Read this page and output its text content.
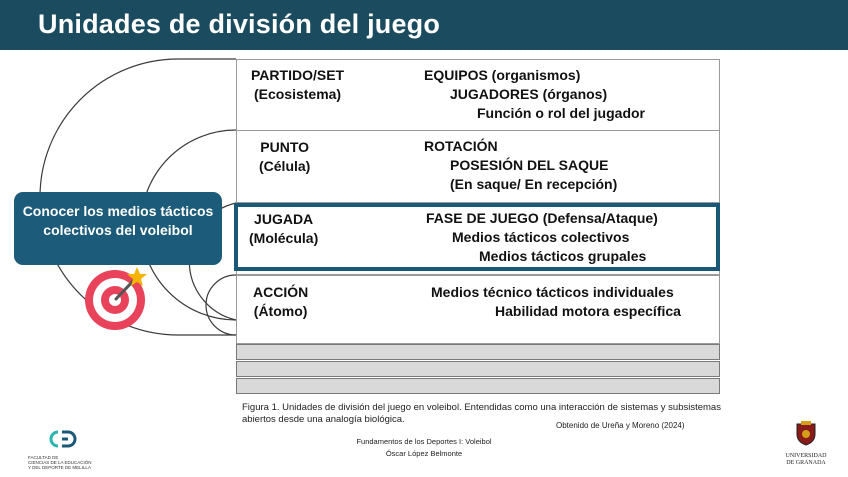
Unidades de división del juego
PARTIDO/SET
(Ecosistema)
EQUIPOS (organismos)
JUGADORES (órganos)
Función o rol del jugador
PUNTO
(Célula)
ROTACIÓN
POSESIÓN DEL SAQUE
(En saque/ En recepción)
JUGADA
(Molécula)
FASE DE JUEGO (Defensa/Ataque)
Medios tácticos colectivos
Medios tácticos grupales
ACCIÓN
(Átomo)
Medios técnico tácticos individuales
Habilidad motora específica
Conocer los medios tácticos colectivos del voleibol
Figura 1. Unidades de división del juego en voleibol. Entendidas como una interacción de sistemas y subsistemas abiertos desde una analogía biológica.
Obtenido de Ureña y Moreno (2024)
Fundamentos de los Deportes I: Voleibol
Óscar López Belmonte
FACULTAD DE
CIENCIAS DE LA EDUCACIÓN
Y DEL DEPORTE DE MELILLA
UNIVERSIDAD
DE GRANADA
